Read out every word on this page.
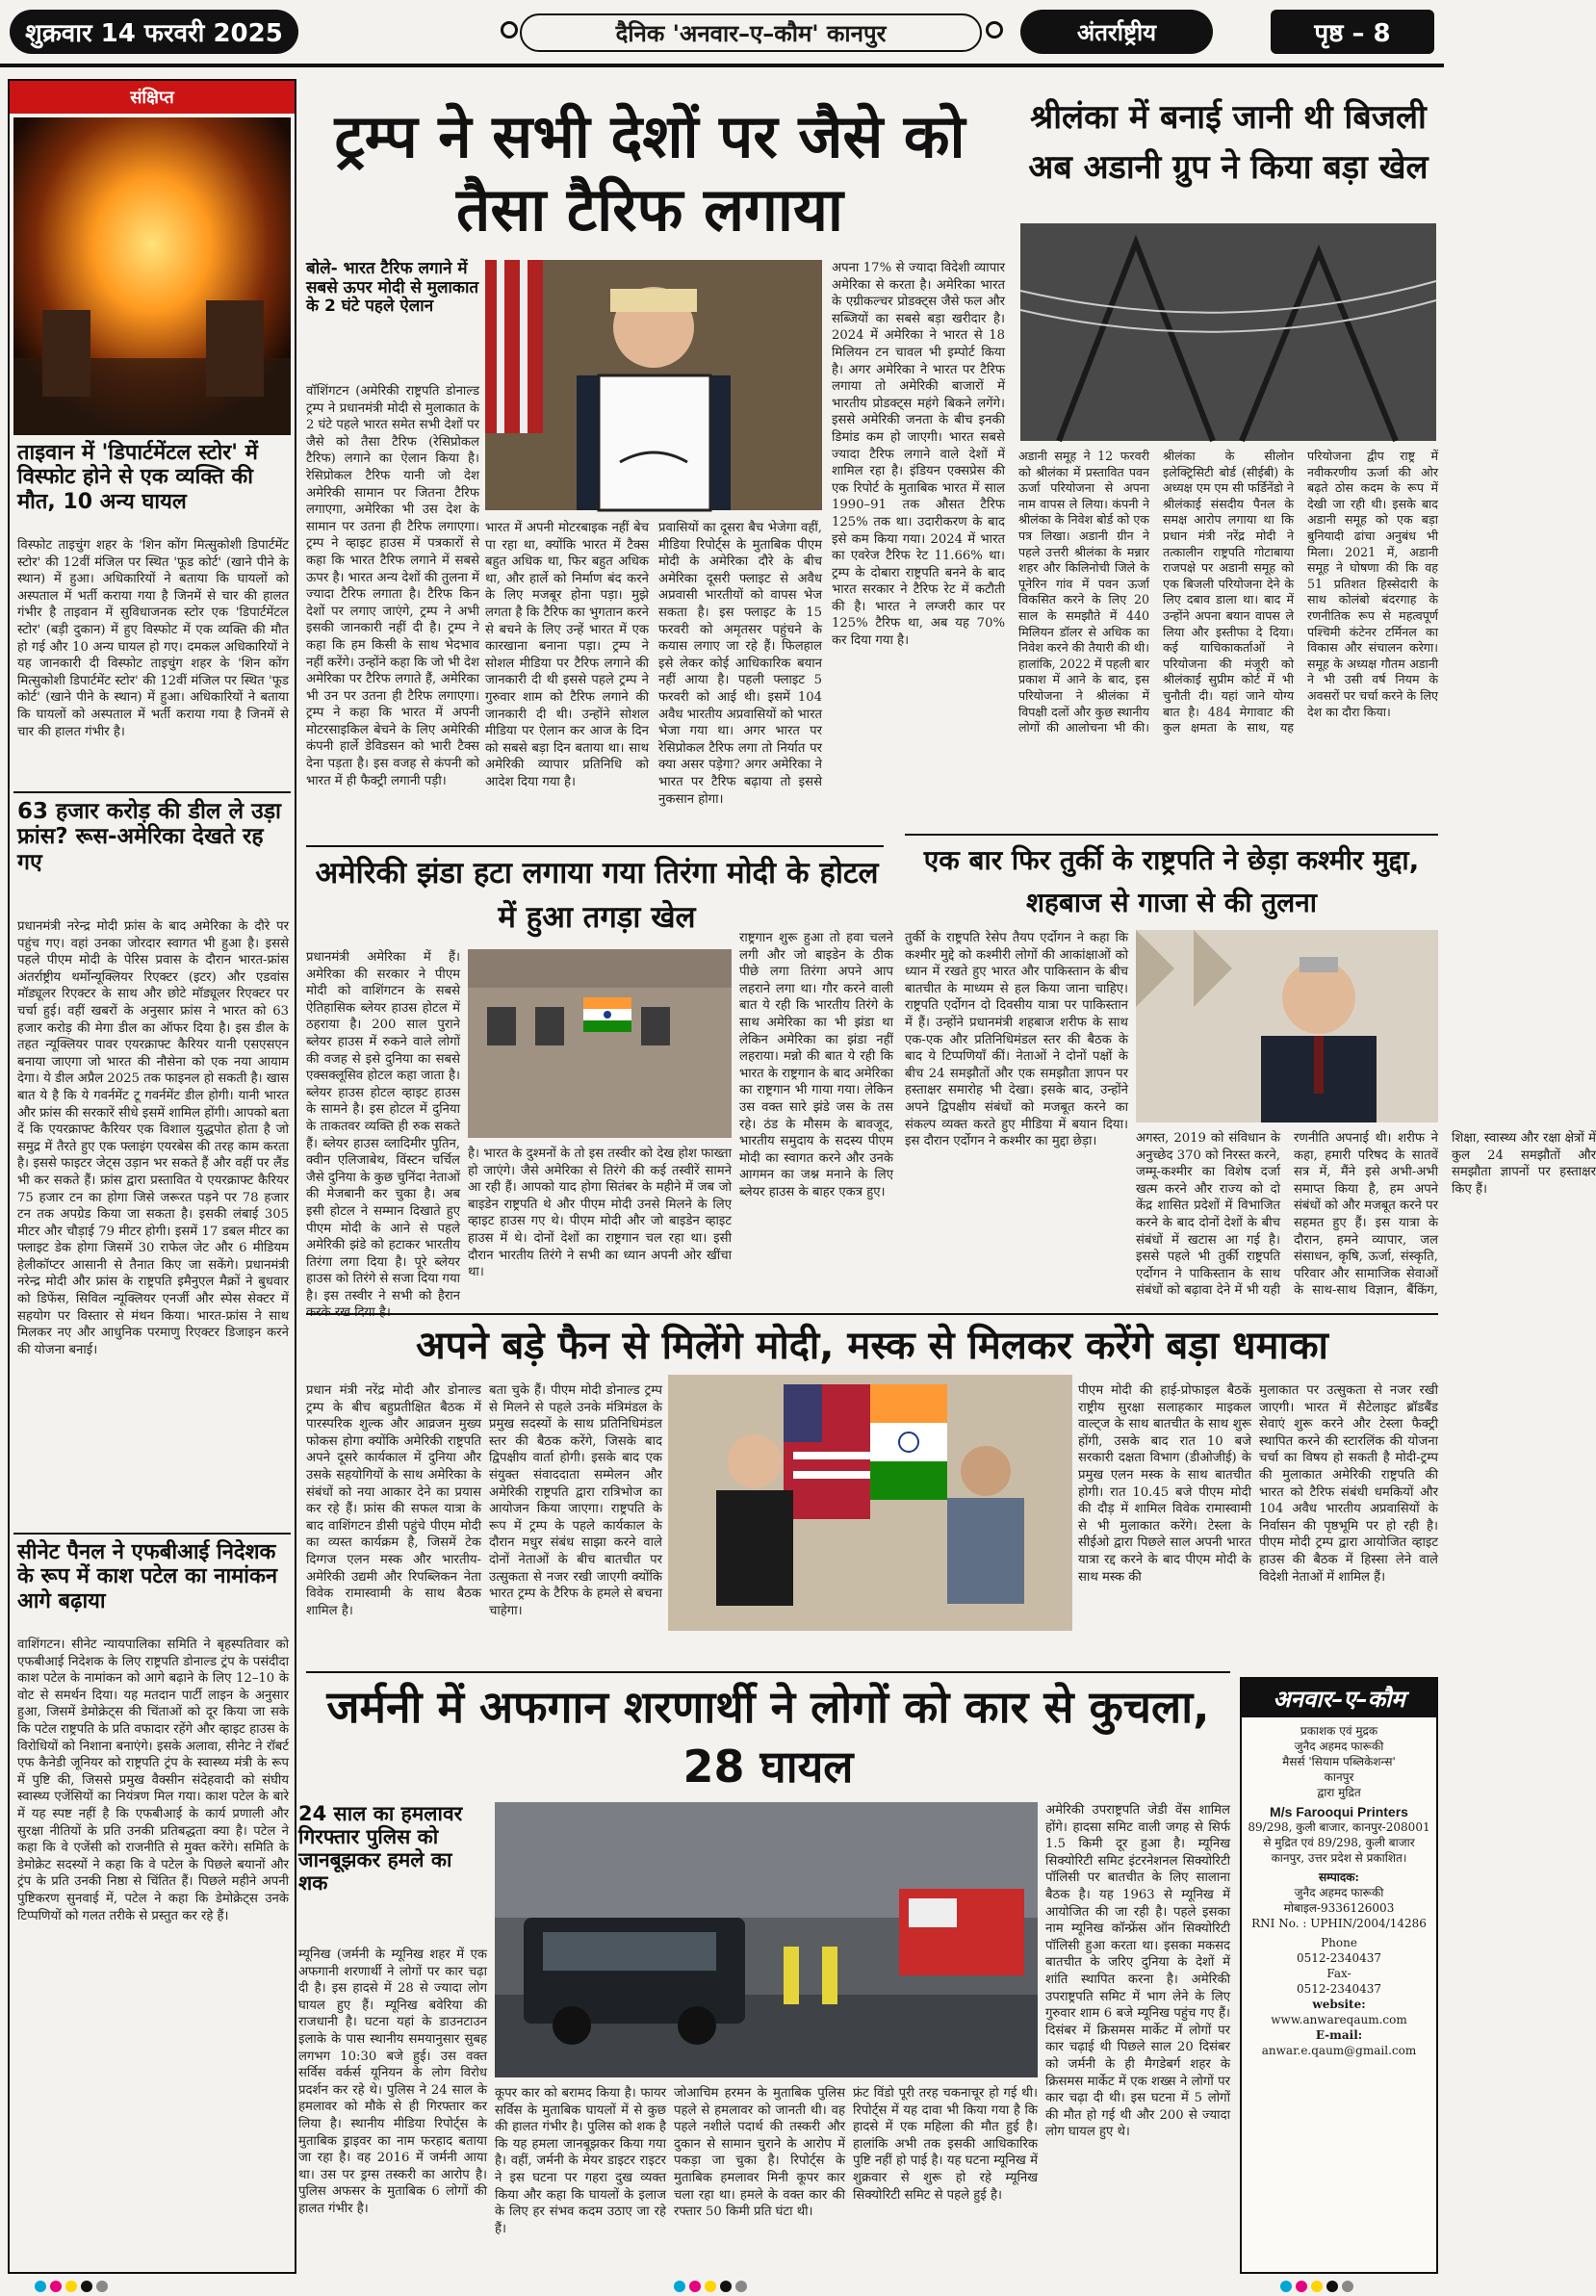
शुक्रवार 14 फरवरी 2025	दैनिक 'अनवार–ए–कौम' कानपुर	अंतर्राष्ट्रीय	पृष्ठ – 8
संक्षिप्त
ताइवान में 'डिपार्टमेंटल स्टोर' में विस्फोट होने से एक व्यक्ति की मौत, 10 अन्य घायल
विस्फोट ताइचुंग शहर के 'शिन कोंग मित्सुकोशी डिपार्टमेंट स्टोर' की 12वीं मंजिल पर स्थित 'फूड कोर्ट' (खाने पीने के स्थान) में हुआ। अधिकारियों ने बताया कि घायलों को अस्पताल में भर्ती कराया गया है जिनमें से चार की हालत गंभीर है ताइवान में सुविधाजनक स्टोर एक 'डिपार्टमेंटल स्टोर' (बड़ी दुकान) में हुए विस्फोट में एक व्यक्ति की मौत हो गई और 10 अन्य घायल हो गए। दमकल अधिकारियों ने यह जानकारी दी विस्फोट ताइचुंग शहर के 'शिन कोंग मित्सुकोशी डिपार्टमेंट स्टोर' की 12वीं मंजिल पर स्थित 'फूड कोर्ट' (खाने पीने के स्थान) में हुआ। अधिकारियों ने बताया कि घायलों को अस्पताल में भर्ती कराया गया है जिनमें से चार की हालत गंभीर है।
63 हजार करोड़ की डील ले उड़ा फ्रांस? रूस-अमेरिका देखते रह गए
प्रधानमंत्री नरेन्द्र मोदी फ्रांस के बाद अमेरिका के दौरे पर पहुंच गए। वहां उनका जोरदार स्वागत भी हुआ है। इससे पहले पीएम मोदी के पेरिस प्रवास के दौरान भारत-फ्रांस अंतर्राष्ट्रीय थर्मोन्यूक्लियर रिएक्टर (इटर) और एडवांस मॉड्यूलर रिएक्टर के साथ और छोटे मॉड्यूलर रिएक्टर पर चर्चा हुई। वहीं खबरों के अनुसार फ्रांस ने भारत को 63 हजार करोड़ की मेगा डील का ऑफर दिया है। इस डील के तहत न्यूक्लियर पावर एयरक्राफ्ट कैरियर यानी एसएसएन बनाया जाएगा जो भारत की नौसेना को एक नया आयाम देगा। ये डील अप्रैल 2025 तक फाइनल हो सकती है। खास बात ये है कि ये गवर्नमेंट टू गवर्नमेंट डील होगी। यानी भारत और फ्रांस की सरकारें सीधे इसमें शामिल होंगी। आपको बता दें कि एयरक्राफ्ट कैरियर एक विशाल युद्धपोत होता है जो समुद्र में तैरते हुए एक फ्लाइंग एयरबेस की तरह काम करता है। इससे फाइटर जेट्स उड़ान भर सकते हैं और वहीं पर लैंड भी कर सकते हैं। फ्रांस द्वारा प्रस्तावित ये एयरक्राफ्ट कैरियर 75 हजार टन का होगा जिसे जरूरत पड़ने पर 78 हजार टन तक अपग्रेड किया जा सकता है। इसकी लंबाई 305 मीटर और चौड़ाई 79 मीटर होगी। इसमें 17 डबल मीटर का फ्लाइट डेक होगा जिसमें 30 राफेल जेट और 6 मीडियम हेलीकॉप्टर आसानी से तैनात किए जा सकेंगे। प्रधानमंत्री नरेन्द्र मोदी और फ्रांस के राष्ट्रपति इमैनुएल मैक्रों ने बुधवार को डिफेंस, सिविल न्यूक्लियर एनर्जी और स्पेस सेक्टर में सहयोग पर विस्तार से मंथन किया। भारत-फ्रांस ने साथ मिलकर नए और आधुनिक परमाणु रिएक्टर डिजाइन करने की योजना बनाई।
सीनेट पैनल ने एफबीआई निदेशक के रूप में काश पटेल का नामांकन आगे बढ़ाया
वाशिंगटन। सीनेट न्यायपालिका समिति ने बृहस्पतिवार को एफबीआई निदेशक के लिए राष्ट्रपति डोनाल्ड ट्रंप के पसंदीदा काश पटेल के नामांकन को आगे बढ़ाने के लिए 12–10 के वोट से समर्थन दिया। यह मतदान पार्टी लाइन के अनुसार हुआ, जिसमें डेमोक्रेट्स की चिंताओं को दूर किया जा सके कि पटेल राष्ट्रपति के प्रति वफादार रहेंगे और व्हाइट हाउस के विरोधियों को निशाना बनाएंगे। इसके अलावा, सीनेट ने रॉबर्ट एफ कैनेडी जूनियर को राष्ट्रपति ट्रंप के स्वास्थ्य मंत्री के रूप में पुष्टि की, जिससे प्रमुख वैक्सीन संदेहवादी को संघीय स्वास्थ्य एजेंसियों का नियंत्रण मिल गया। काश पटेल के बारे में यह स्पष्ट नहीं है कि एफबीआई के कार्य प्रणाली और सुरक्षा नीतियों के प्रति उनकी प्रतिबद्धता क्या है। पटेल ने कहा कि वे एजेंसी को राजनीति से मुक्त करेंगे। समिति के डेमोक्रेट सदस्यों ने कहा कि वे पटेल के पिछले बयानों और ट्रंप के प्रति उनकी निष्ठा से चिंतित हैं। पिछले महीने अपनी पुष्टिकरण सुनवाई में, पटेल ने कहा कि डेमोक्रेट्स उनके टिप्पणियों को गलत तरीके से प्रस्तुत कर रहे हैं।
ट्रम्प ने सभी देशों पर जैसे को तैसा टैरिफ लगाया
बोले- भारत टैरिफ लगाने में सबसे ऊपर मोदी से मुलाकात के 2 घंटे पहले ऐलान
वॉशिंगटन (अमेरिकी राष्ट्रपति डोनाल्ड ट्रम्प ने प्रधानमंत्री मोदी से मुलाकात के 2 घंटे पहले भारत समेत सभी देशों पर जैसे को तैसा टैरिफ (रेसिप्रोकल टैरिफ) लगाने का ऐलान किया है। रेसिप्रोकल टैरिफ यानी जो देश अमेरिकी सामान पर जितना टैरिफ लगाएगा, अमेरिका भी उस देश के सामान पर उतना ही टैरिफ लगाएगा। ट्रम्प ने व्हाइट हाउस में पत्रकारों से कहा कि भारत टैरिफ लगाने में सबसे ऊपर है। भारत अन्य देशों की तुलना में ज्यादा टैरिफ लगाता है। टैरिफ किन देशों पर लगाए जाएंगे, ट्रम्प ने अभी इसकी जानकारी नहीं दी है। ट्रम्प ने कहा कि हम किसी के साथ भेदभाव नहीं करेंगे। उन्होंने कहा कि जो भी देश अमेरिका पर टैरिफ लगाते हैं, अमेरिका भी उन पर उतना ही टैरिफ लगाएगा। ट्रम्प ने कहा कि भारत में अपनी मोटरसाइकिल बेचने के लिए अमेरिकी कंपनी हार्ले डेविडसन को भारी टैक्स देना पड़ता है। इस वजह से कंपनी को भारत में ही फैक्ट्री लगानी पड़ी।
भारत में अपनी मोटरबाइक नहीं बेच पा रहा था, क्योंकि भारत में टैक्स बहुत अधिक था, फिर बहुत अधिक था, और हार्ले को निर्माण बंद करने के लिए मजबूर होना पड़ा। मुझे लगता है कि टैरिफ का भुगतान करने से बचने के लिए उन्हें भारत में एक कारखाना बनाना पड़ा। ट्रम्प ने सोशल मीडिया पर टैरिफ लगाने की जानकारी दी थी इससे पहले ट्रम्प ने गुरुवार शाम को टैरिफ लगाने की जानकारी दी थी। उन्होंने सोशल मीडिया पर ऐलान कर आज के दिन को सबसे बड़ा दिन बताया था। साथ अमेरिकी व्यापार प्रतिनिधि को आदेश दिया गया है।
प्रवासियों का दूसरा बैच भेजेगा वहीं, मीडिया रिपोर्ट्स के मुताबिक पीएम मोदी के अमेरिका दौरे के बीच अमेरिका दूसरी फ्लाइट से अवैध अप्रवासी भारतीयों को वापस भेज सकता है। इस फ्लाइट के 15 फरवरी को अमृतसर पहुंचने के कयास लगाए जा रहे हैं। फिलहाल इसे लेकर कोई आधिकारिक बयान नहीं आया है। पहली फ्लाइट 5 फरवरी को आई थी। इसमें 104 अवैध भारतीय अप्रवासियों को भारत भेजा गया था। अगर भारत पर रेसिप्रोकल टैरिफ लगा तो निर्यात पर क्या असर पड़ेगा? अगर अमेरिका ने भारत पर टैरिफ बढ़ाया तो इससे नुकसान होगा।
अपना 17% से ज्यादा विदेशी व्यापार अमेरिका से करता है। अमेरिका भारत के एग्रीकल्चर प्रोडक्ट्स जैसे फल और सब्जियों का सबसे बड़ा खरीदार है। 2024 में अमेरिका ने भारत से 18 मिलियन टन चावल भी इम्पोर्ट किया है। अगर अमेरिका ने भारत पर टैरिफ लगाया तो अमेरिकी बाजारों में भारतीय प्रोडक्ट्स महंगे बिकने लगेंगे। इससे अमेरिकी जनता के बीच इनकी डिमांड कम हो जाएगी। भारत सबसे ज्यादा टैरिफ लगाने वाले देशों में शामिल रहा है। इंडियन एक्सप्रेस की एक रिपोर्ट के मुताबिक भारत में साल 1990–91 तक औसत टैरिफ 125% तक था। उदारीकरण के बाद इसे कम किया गया। 2024 में भारत का एवरेज टैरिफ रेट 11.66% था। ट्रम्प के दोबारा राष्ट्रपति बनने के बाद भारत सरकार ने टैरिफ रेट में कटौती की है। भारत ने लग्जरी कार पर 125% टैरिफ था, अब यह 70% कर दिया गया है।
श्रीलंका में बनाई जानी थी बिजली अब अडानी ग्रुप ने किया बड़ा खेल
अडानी समूह ने 12 फरवरी को श्रीलंका में प्रस्तावित पवन ऊर्जा परियोजना से अपना नाम वापस ले लिया। कंपनी ने श्रीलंका के निवेश बोर्ड को एक पत्र लिखा। अडानी ग्रीन ने पहले उत्तरी श्रीलंका के मन्नार शहर और किलिनोची जिले के पूनेरिन गांव में पवन ऊर्जा विकसित करने के लिए 20 साल के समझौते में 440 मिलियन डॉलर से अधिक का निवेश करने की तैयारी की थी। हालांकि, 2022 में पहली बार प्रकाश में आने के बाद, इस परियोजना ने श्रीलंका में विपक्षी दलों और कुछ स्थानीय लोगों की आलोचना भी की। श्रीलंका के सीलोन इलेक्ट्रिसिटी बोर्ड (सीईबी) के अध्यक्ष एम एम सी फर्डिनेंडो ने श्रीलंकाई संसदीय पैनल के समक्ष आरोप लगाया था कि प्रधान मंत्री नरेंद्र मोदी ने तत्कालीन राष्ट्रपति गोटाबाया राजपक्षे पर अडानी समूह को एक बिजली परियोजना देने के लिए दबाव डाला था। बाद में उन्होंने अपना बयान वापस ले लिया और इस्तीफा दे दिया। कई याचिकाकर्ताओं ने परियोजना की मंजूरी को श्रीलंकाई सुप्रीम कोर्ट में भी चुनौती दी। यहां जाने योग्य बात है। 484 मेगावाट की कुल क्षमता के साथ, यह परियोजना द्वीप राष्ट्र में नवीकरणीय ऊर्जा की ओर बढ़ते ठोस कदम के रूप में देखी जा रही थी। इसके बाद अडानी समूह को एक बड़ा बुनियादी ढांचा अनुबंध भी मिला। 2021 में, अडानी समूह ने घोषणा की कि वह 51 प्रतिशत हिस्सेदारी के साथ कोलंबो बंदरगाह के रणनीतिक रूप से महत्वपूर्ण पश्चिमी कंटेनर टर्मिनल का विकास और संचालन करेगा। समूह के अध्यक्ष गौतम अडानी ने भी उसी वर्ष नियम के अवसरों पर चर्चा करने के लिए देश का दौरा किया।
अमेरिकी झंडा हटा लगाया गया तिरंगा मोदी के होटल में हुआ तगड़ा खेल
प्रधानमंत्री अमेरिका में हैं। अमेरिका की सरकार ने पीएम मोदी को वाशिंगटन के सबसे ऐतिहासिक ब्लेयर हाउस होटल में ठहराया है। 200 साल पुराने ब्लेयर हाउस में रुकने वाले लोगों की वजह से इसे दुनिया का सबसे एक्सक्लूसिव होटल कहा जाता है। ब्लेयर हाउस होटल व्हाइट हाउस के सामने है। इस होटल में दुनिया के ताकतवर व्यक्ति ही रुक सकते हैं। ब्लेयर हाउस व्लादिमीर पुतिन, क्वीन एलिजाबेथ, विंस्टन चर्चिल जैसे दुनिया के कुछ चुनिंदा नेताओं की मेजबानी कर चुका है। अब इसी होटल ने सम्मान दिखाते हुए पीएम मोदी के आने से पहले अमेरिकी झंडे को हटाकर भारतीय तिरंगा लगा दिया है। पूरे ब्लेयर हाउस को तिरंगे से सजा दिया गया है। इस तस्वीर ने सभी को हैरान
है। भारत के दुश्मनों के तो इस तस्वीर को देख होश फाख्ता हो जाएंगे। जैसे अमेरिका से तिरंगे की कई तस्वीरें सामने आ रही हैं। आपको याद होगा सितंबर के महीने में जब जो बाइडेन राष्ट्रपति थे और पीएम मोदी उनसे मिलने के लिए व्हाइट हाउस गए थे। पीएम मोदी और जो बाइडेन व्हाइट हाउस में थे। दोनों देशों का राष्ट्रगान चल रहा था। इसी दौरान भारतीय तिरंगे ने सभी का ध्यान अपनी ओर खींचा था।
राष्ट्रगान शुरू हुआ तो हवा चलने लगी और जो बाइडेन के ठीक पीछे लगा तिरंगा अपने आप लहराने लगा था। गौर करने वाली बात ये रही कि भारतीय तिरंगे के साथ अमेरिका का भी झंडा था लेकिन अमेरिका का झंडा नहीं लहराया। मन्नो की बात ये रही कि भारत के राष्ट्रगान के बाद अमेरिका का राष्ट्रगान भी गाया गया। लेकिन उस वक्त सारे झंडे जस के तस रहे। ठंड के मौसम के बावजूद, भारतीय समुदाय के सदस्य पीएम मोदी का स्वागत करने और उनके आगमन का जश्न मनाने के लिए ब्लेयर हाउस के बाहर एकत्र हुए।
एक बार फिर तुर्की के राष्ट्रपति ने छेड़ा कश्मीर मुद्दा, शहबाज से गाजा से की तुलना
तुर्की के राष्ट्रपति रेसेप तैयप एर्दोगन ने कहा कि कश्मीर मुद्दे को कश्मीरी लोगों की आकांक्षाओं को ध्यान में रखते हुए भारत और पाकिस्तान के बीच बातचीत के माध्यम से हल किया जाना चाहिए। राष्ट्रपति एर्दोगन दो दिवसीय यात्रा पर पाकिस्तान में हैं। उन्होंने प्रधानमंत्री शहबाज शरीफ के साथ एक-एक और प्रतिनिधिमंडल स्तर की बैठक के बाद ये टिप्पणियाँ कीं। नेताओं ने दोनों पक्षों के बीच 24 समझौतों और एक समझौता ज्ञापन पर हस्ताक्षर समारोह भी देखा। इसके बाद, उन्होंने अपने द्विपक्षीय संबंधों को मजबूत करने का संकल्प व्यक्त करते हुए मीडिया में बयान दिया। इस दौरान एर्दोगन ने कश्मीर का मुद्दा छेड़ा।	अगस्त, 2019 को संविधान के अनुच्छेद 370 को निरस्त करने, जम्मू-कश्मीर का विशेष दर्जा खत्म करने और राज्य को दो केंद्र शासित प्रदेशों में विभाजित करने के बाद दोनों देशों के बीच संबंधों में खटास आ गई है। इससे पहले भी तुर्की राष्ट्रपति एर्दोगन ने पाकिस्तान के साथ संबंधों को बढ़ावा देने में भी यही रणनीति अपनाई थी। शरीफ ने कहा, हमारी परिषद के सातवें सत्र में, मैंने इसे अभी-अभी समाप्त किया है, हम अपने संबंधों को और मजबूत करने पर सहमत हुए हैं। इस यात्रा के दौरान, हमने व्यापार, जल संसाधन, कृषि, ऊर्जा, संस्कृति, परिवार और सामाजिक सेवाओं के साथ-साथ विज्ञान, बैंकिंग, शिक्षा, स्वास्थ्य और रक्षा क्षेत्रों में कुल 24 समझौतों और समझौता ज्ञापनों पर हस्ताक्षर किए हैं।
अपने बड़े फैन से मिलेंगे मोदी, मस्क से मिलकर करेंगे बड़ा धमाका
प्रधान मंत्री नरेंद्र मोदी और डोनाल्ड ट्रम्प के बीच बहुप्रतीक्षित बैठक में पारस्परिक शुल्क और आव्रजन मुख्य फोकस होगा क्योंकि अमेरिकी राष्ट्रपति अपने दूसरे कार्यकाल में दुनिया और उसके सहयोगियों के साथ अमेरिका के संबंधों को नया आकार देने का प्रयास कर रहे हैं। फ्रांस की सफल यात्रा के बाद वाशिंगटन डीसी पहुंचे पीएम मोदी का व्यस्त कार्यक्रम है, जिसमें टेक दिग्गज एलन मस्क और भारतीय-अमेरिकी उद्यमी और रिपब्लिकन नेता विवेक रामास्वामी के साथ बैठक शामिल है।
बता चुके हैं। पीएम मोदी डोनाल्ड ट्रम्प से मिलने से पहले उनके मंत्रिमंडल के प्रमुख सदस्यों के साथ प्रतिनिधिमंडल स्तर की बैठक करेंगे, जिसके बाद द्विपक्षीय वार्ता होगी। इसके बाद एक संयुक्त संवाददाता सम्मेलन और अमेरिकी राष्ट्रपति द्वारा रात्रिभोज का आयोजन किया जाएगा। राष्ट्रपति के रूप में ट्रम्प के पहले कार्यकाल के दौरान मधुर संबंध साझा करने वाले दोनों नेताओं के बीच बातचीत पर उत्सुकता से नजर रखी जाएगी क्योंकि भारत ट्रम्प के टैरिफ के हमले से बचना चाहेगा।
पीएम मोदी की हाई-प्रोफाइल बैठकें राष्ट्रीय सुरक्षा सलाहकार माइकल वाल्ट्ज के साथ बातचीत के साथ शुरू होंगी, उसके बाद रात 10 बजे सरकारी दक्षता विभाग (डीओजीई) के प्रमुख एलन मस्क के साथ बातचीत होगी। रात 10.45 बजे पीएम मोदी की दौड़ में शामिल विवेक रामास्वामी से भी मुलाकात करेंगे। टेस्ला के सीईओ द्वारा पिछले साल अपनी भारत यात्रा रद्द करने के बाद पीएम मोदी के साथ मस्क की
मुलाकात पर उत्सुकता से नजर रखी जाएगी। भारत में सैटेलाइट ब्रॉडबैंड सेवाएं शुरू करने और टेस्ला फैक्ट्री स्थापित करने की स्टारलिंक की योजना चर्चा का विषय हो सकती है मोदी-ट्रम्प की मुलाकात अमेरिकी राष्ट्रपति की भारत को टैरिफ संबंधी धमकियों और 104 अवैध भारतीय अप्रवासियों के निर्वासन की पृष्ठभूमि पर हो रही है। पीएम मोदी ट्रम्प द्वारा आयोजित व्हाइट हाउस की बैठक में हिस्सा लेने वाले विदेशी नेताओं में शामिल हैं।
जर्मनी में अफगान शरणार्थी ने लोगों को कार से कुचला, 28 घायल
24 साल का हमलावर गिरफ्तार पुलिस को जानबूझकर हमले का शक
म्यूनिख (जर्मनी के म्यूनिख शहर में एक अफगानी शरणार्थी ने लोगों पर कार चढ़ा दी है। इस हादसे में 28 से ज्यादा लोग घायल हुए हैं। म्यूनिख बवेरिया की राजधानी है। घटना यहां के डाउनटाउन इलाके के पास स्थानीय समयानुसार सुबह लगभग 10:30 बजे हुई। उस वक्त सर्विस वर्कर्स यूनियन के लोग विरोध प्रदर्शन कर रहे थे। पुलिस ने 24 साल के हमलावर को मौके से ही गिरफ्तार कर लिया है। स्थानीय मीडिया रिपोर्ट्स के मुताबिक ड्राइवर का नाम फरहाद बताया जा रहा है। वह 2016 में जर्मनी आया था। उस पर ड्रग्स तस्करी का आरोप है। पुलिस अफसर के मुताबिक 6 लोगों की हालत गंभीर है।
कूपर कार को बरामद किया है। फायर सर्विस के मुताबिक घायलों में से कुछ की हालत गंभीर है। पुलिस को शक है कि यह हमला जानबूझकर किया गया है। वहीं, जर्मनी के मेयर डाइटर राइटर ने इस घटना पर गहरा दुख व्यक्त किया और कहा कि घायलों के इलाज के लिए हर संभव कदम उठाए जा रहे हैं।
जोआचिम हरमन के मुताबिक पुलिस पहले से हमलावर को जानती थी। वह पहले नशीले पदार्थ की तस्करी और दुकान से सामान चुराने के आरोप में पकड़ा जा चुका है। रिपोर्ट्स के मुताबिक हमलावर मिनी कूपर कार चला रहा था। हमले के वक्त कार की रफ्तार 50 किमी प्रति घंटा थी।
फ्रंट विंडो पूरी तरह चकनाचूर हो गई थी। रिपोर्ट्स में यह दावा भी किया गया है कि हादसे में एक महिला की मौत हुई है। हालांकि अभी तक इसकी आधिकारिक पुष्टि नहीं हो पाई है। यह घटना म्यूनिख में शुक्रवार से शुरू हो रहे म्यूनिख सिक्योरिटी समिट से पहले हुई है।
अमेरिकी उपराष्ट्रपति जेडी वेंस शामिल होंगे। हादसा समिट वाली जगह से सिर्फ 1.5 किमी दूर हुआ है। म्यूनिख सिक्योरिटी समिट इंटरनेशनल सिक्योरिटी पॉलिसी पर बातचीत के लिए सालाना बैठक है। यह 1963 से म्यूनिख में आयोजित की जा रही है। पहले इसका नाम म्यूनिख कॉन्फ्रेंस ऑन सिक्योरिटी पॉलिसी हुआ करता था। इसका मकसद बातचीत के जरिए दुनिया के देशों में शांति स्थापित करना है। अमेरिकी उपराष्ट्रपति समिट में भाग लेने के लिए गुरुवार शाम 6 बजे म्यूनिख पहुंच गए हैं। दिसंबर में क्रिसमस मार्केट में लोगों पर कार चढ़ाई थी पिछले साल 20 दिसंबर को जर्मनी के ही मैगडेबर्ग शहर के क्रिसमस मार्केट में एक शख्स ने लोगों पर कार चढ़ा दी थी। इस घटना में 5 लोगों की मौत हो गई थी और 200 से ज्यादा लोग घायल हुए थे।
अनवार–ए–कौम
प्रकाशक एवं मुद्रक
जुनैद अहमद फारूकी
मैसर्स 'सियाम पब्लिकेशन्स'
कानपुर
द्वारा मुद्रित
M/s Farooqui Printers
89/298, कुली बाजार, कानपुर-208001 से मुद्रित एवं 89/298, कुली बाजार कानपुर, उत्तर प्रदेश से प्रकाशित।
सम्पादक:
जुनैद अहमद फारूकी
मोबाइल-9336126003
RNI No. : UPHIN/2004/14286
Phone
0512-2340437
Fax-
0512-2340437
website:
www.anwareqaum.com
E-mail:
anwar.e.qaum@gmail.com
